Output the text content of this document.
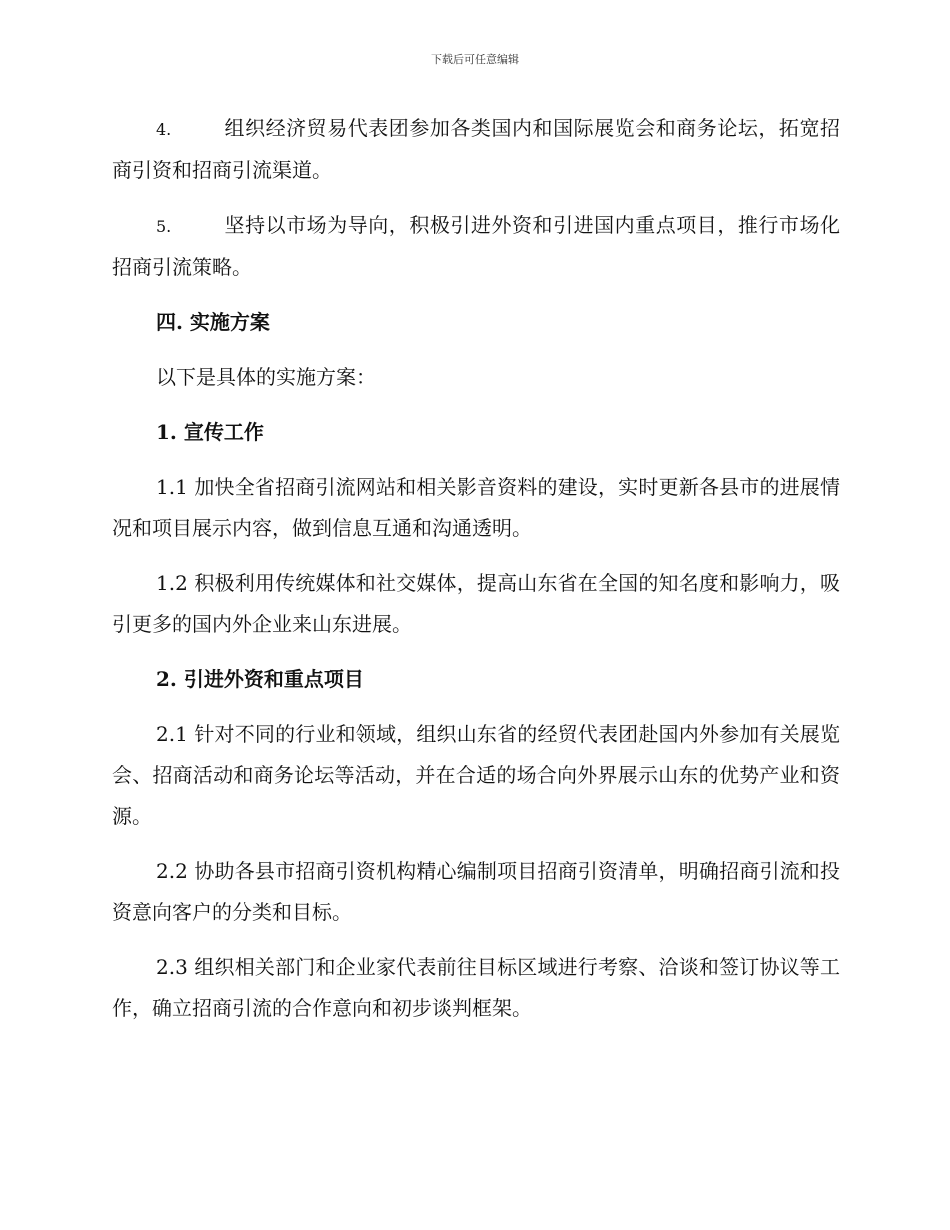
下载后可任意编辑

4.	组织经济贸易代表团参加各类国内和国际展览会和商务论坛，拓宽招商引资和招商引流渠道。

5.	坚持以市场为导向，积极引进外资和引进国内重点项目，推行市场化招商引流策略。

四. 实施方案

以下是具体的实施方案：

1. 宣传工作

1.1 加快全省招商引流网站和相关影音资料的建设，实时更新各县市的进展情况和项目展示内容，做到信息互通和沟通透明。

1.2 积极利用传统媒体和社交媒体，提高山东省在全国的知名度和影响力，吸引更多的国内外企业来山东进展。

2. 引进外资和重点项目

2.1 针对不同的行业和领域，组织山东省的经贸代表团赴国内外参加有关展览会、招商活动和商务论坛等活动，并在合适的场合向外界展示山东的优势产业和资源。

2.2 协助各县市招商引资机构精心编制项目招商引资清单，明确招商引流和投资意向客户的分类和目标。

2.3 组织相关部门和企业家代表前往目标区域进行考察、洽谈和签订协议等工作，确立招商引流的合作意向和初步谈判框架。
